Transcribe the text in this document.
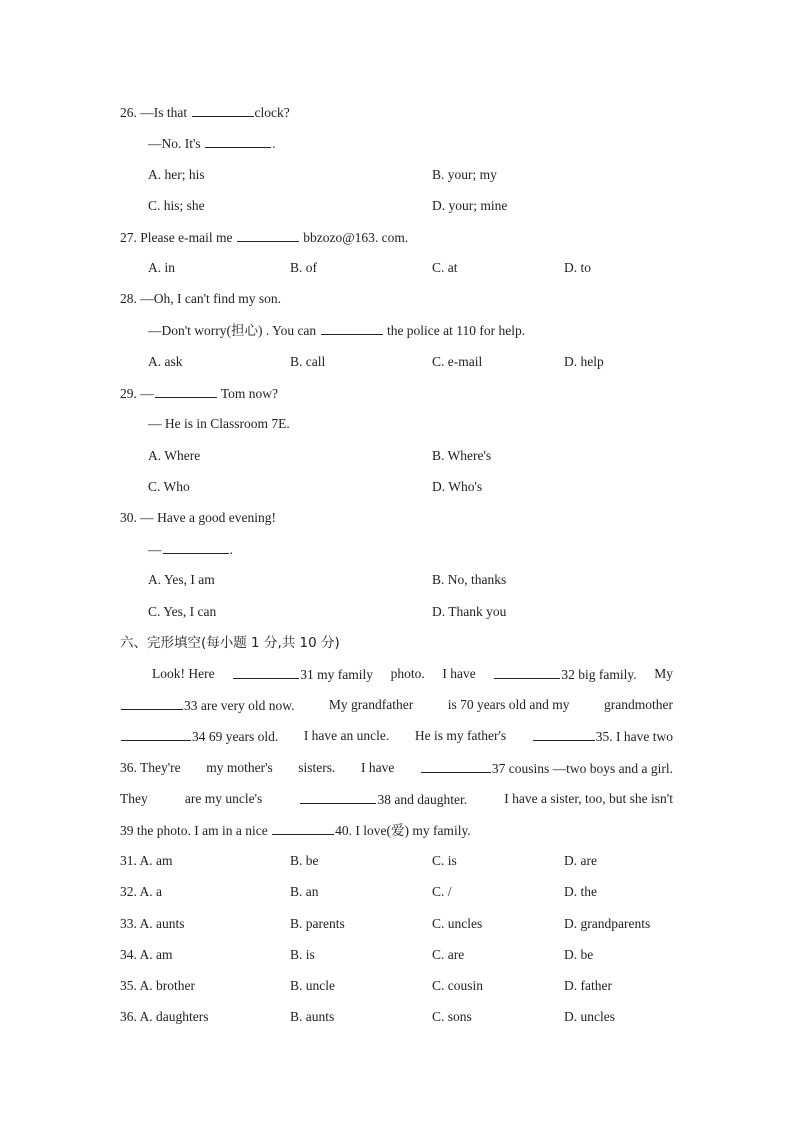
26. —Is that	clock?
—No. It's	.
A. her; his	B. your; my
C. his; she	D. your; mine
27. Please e-mail me	bbzozo@163. com.
A. in	B. of	C. at	D. to
28. —Oh, I can't find my son.
—Don't worry(担心) . You can	the police at 110 for help.
A. ask	B. call	C. e-mail	D. help
29. —	Tom now?
— He is in Classroom 7E.
A. Where	B. Where's
C. Who	D. Who's
30. — Have a good evening!
—	.
A. Yes, I am	B. No, thanks
C. Yes, I can	D. Thank you
六、完形填空(每小题 1 分,共 10 分)
Look! Here	31 my family photo. I have	32 big family. My
33 are very old now.	My grandfather	is 70 years old and my	grandmother
34 69 years old. I have an uncle. He is my father's	35. I have two
36. They're my mother's sisters. I have	37 cousins —two boys and a girl.
They	are my uncle's	38 and daughter.	I have a sister, too, but she isn't
39 the photo. I am in a nice	40. I love(爱) my family.
31. A. am	B. be	C. is	D. are
32. A. a	B. an	C. /	D. the
33. A. aunts	B. parents	C. uncles	D. grandparents
34. A. am	B. is	C. are	D. be
35. A. brother	B. uncle	C. cousin	D. father
36. A. daughters	B. aunts	C. sons	D. uncles
